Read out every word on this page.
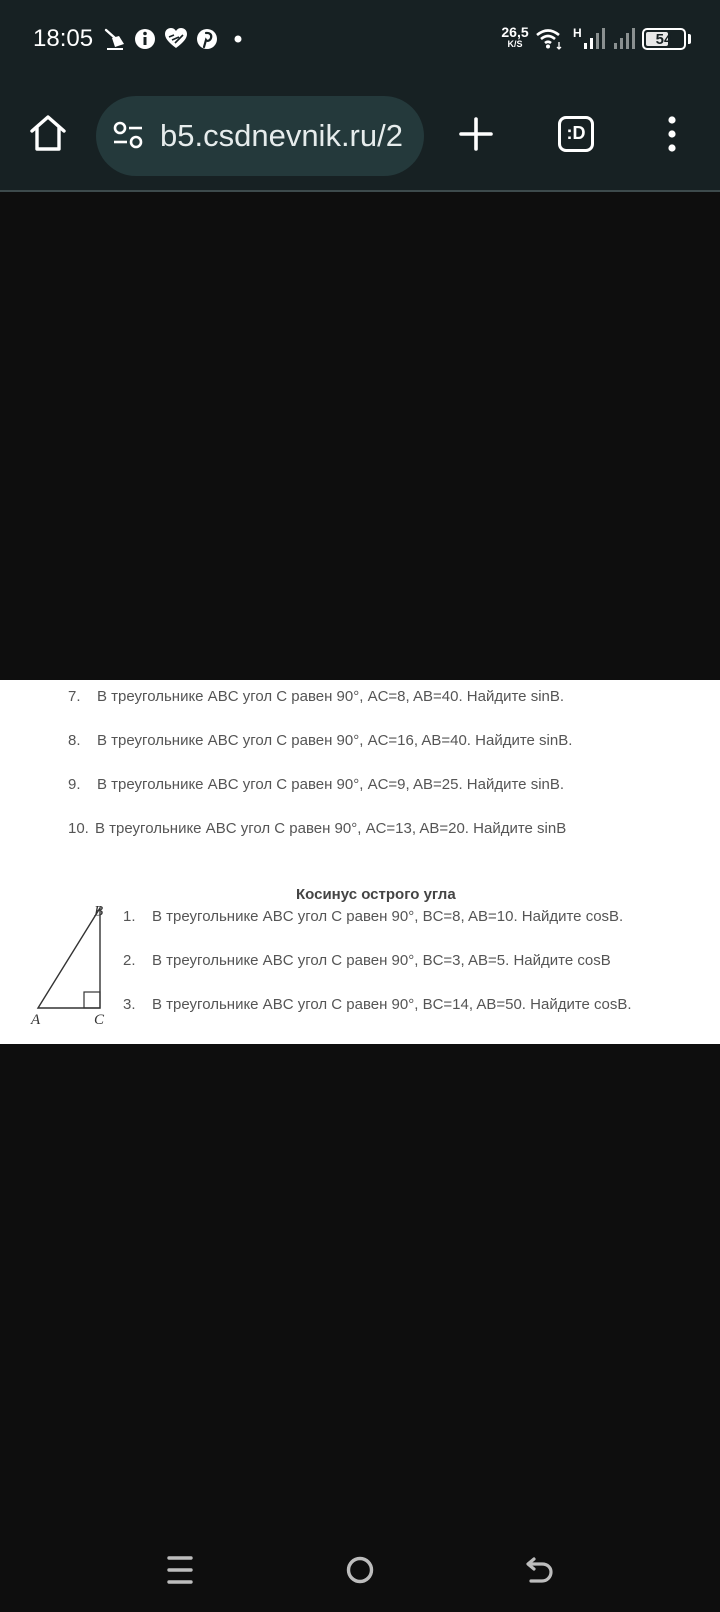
18:05	26,5
K/S
H	54
b5.csdnevnik.ru/2	:D
7. В треугольнике ABC угол C равен 90°, AC=8, AB=40. Найдите sinB.
8. В треугольнике ABC угол C равен 90°, AC=16, AB=40. Найдите sinB.
9. В треугольнике ABC угол C равен 90°, AC=9, AB=25. Найдите sinB.
10. В треугольнике ABC угол C равен 90°, AC=13, AB=20. Найдите sinB
Косинус острого угла
B
A	C
1. В треугольнике ABC угол C равен 90°, BC=8, AB=10. Найдите cosB.
2. В треугольнике ABC угол C равен 90°, BC=3, AB=5. Найдите cosB
3. В треугольнике ABC угол C равен 90°, BC=14, AB=50. Найдите cosB.
